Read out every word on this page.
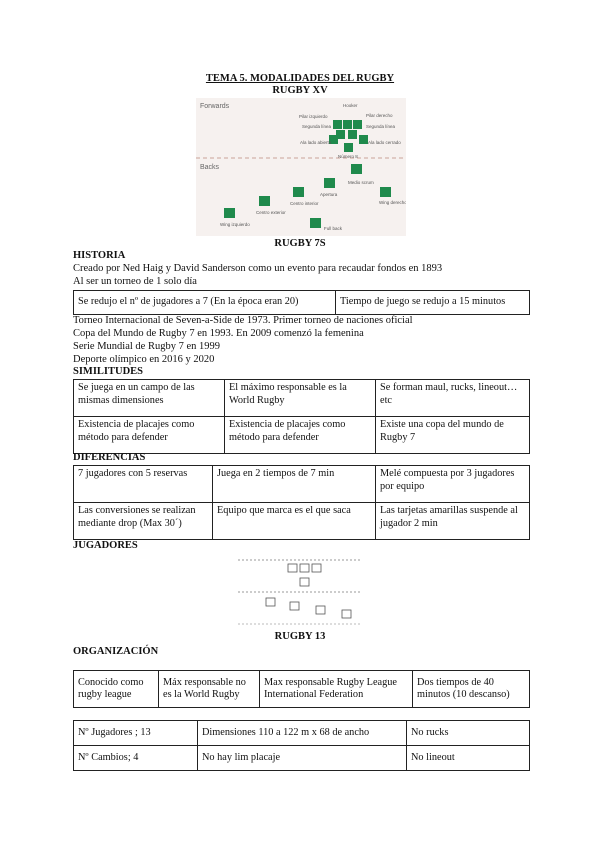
TEMA 5. MODALIDADES DEL RUGBY
RUGBY XV
Forwards
Backs
Hooker
Pilar izquierdo	Pilar derecho
Segunda línea	Segunda línea
Ala lado abierto	Ala lado cerrado
Número 8
Medio scrum
Apertura
Centro interior
Centro exterior
Wing izquierdo
Wing derecho
Full back
RUGBY 7S
HISTORIA
Creado por Ned Haig y David Sanderson como un evento para recaudar fondos en 1893
Al ser un torneo de 1 solo día
Se redujo el nº de jugadores a 7 (En la época eran 20)	Tiempo de juego se redujo a 15 minutos
Torneo Internacional de Seven-a-Side de 1973. Primer torneo de naciones oficial
Copa del Mundo de Rugby 7 en 1993. En 2009 comenzó la femenina
Serie Mundial de Rugby 7 en 1999
Deporte olímpico en 2016 y 2020
SIMILITUDES
Se juega en un campo de las mismas dimensiones	El máximo responsable es la World Rugby	Se forman maul, rucks, lineout…etc
Existencia de placajes como método para defender	Existencia de placajes como método para defender	Existe una copa del mundo de Rugby 7
DIFERENCIAS
7 jugadores con 5 reservas	Juega en 2 tiempos de 7 min	Melé compuesta por 3 jugadores por equipo
Las conversiones se realizan mediante drop (Max 30´)	Equipo que marca es el que saca	Las tarjetas amarillas suspende al jugador 2 min
JUGADORES
RUGBY 13
ORGANIZACIÓN
Conocido como rugby league	Máx responsable no es la World Rugby	Max responsable Rugby League International Federation	Dos tiempos de 40 minutos (10 descanso)
Nº Jugadores ; 13	Dimensiones 110 a 122 m x 68 de ancho	No rucks
Nº Cambios; 4	No hay lim placaje	No lineout
